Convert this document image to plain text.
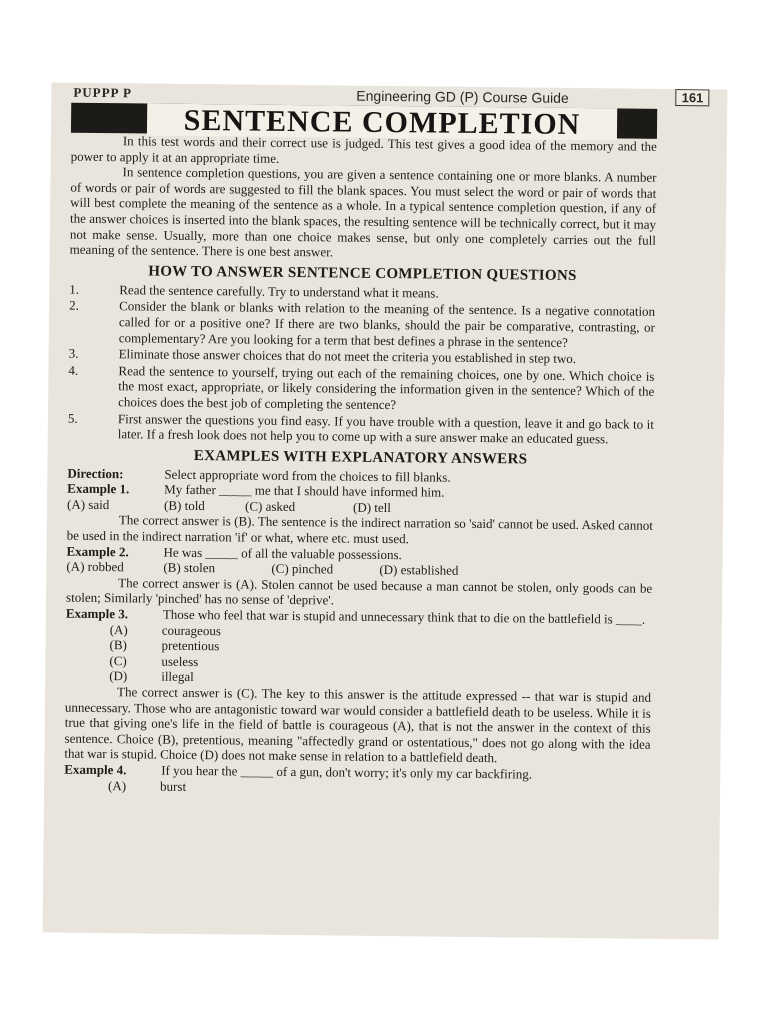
PUPPP P	Engineering GD (P) Course Guide	161
SENTENCE COMPLETION

In this test words and their correct use is judged. This test gives a good idea of the memory and the power to apply it at an appropriate time.

In sentence completion questions, you are given a sentence containing one or more blanks. A number of words or pair of words are suggested to fill the blank spaces. You must select the word or pair of words that will best complete the meaning of the sentence as a whole. In a typical sentence completion question, if any of the answer choices is inserted into the blank spaces, the resulting sentence will be technically correct, but it may not make sense. Usually, more than one choice makes sense, but only one completely carries out the full meaning of the sentence. There is one best answer.

HOW TO ANSWER SENTENCE COMPLETION QUESTIONS
1.	Read the sentence carefully. Try to understand what it means.
2.	Consider the blank or blanks with relation to the meaning of the sentence. Is a negative connotation called for or a positive one? If there are two blanks, should the pair be comparative, contrasting, or complementary? Are you looking for a term that best defines a phrase in the sentence?
3.	Eliminate those answer choices that do not meet the criteria you established in step two.
4.	Read the sentence to yourself, trying out each of the remaining choices, one by one. Which choice is the most exact, appropriate, or likely considering the information given in the sentence? Which of the choices does the best job of completing the sentence?
5.	First answer the questions you find easy. If you have trouble with a question, leave it and go back to it later. If a fresh look does not help you to come up with a sure answer make an educated guess.
EXAMPLES WITH EXPLANATORY ANSWERS
Direction:	Select appropriate word from the choices to fill blanks.
Example 1.	My father _____ me that I should have informed him.
(A) said	(B) told	(C) asked	(D) tell

The correct answer is (B). The sentence is the indirect narration so 'said' cannot be used. Asked cannot be used in the indirect narration 'if' or what, where etc. must used.

Example 2.	He was _____ of all the valuable possessions.
(A) robbed	(B) stolen	(C) pinched	(D) established

The correct answer is (A). Stolen cannot be used because a man cannot be stolen, only goods can be stolen; Similarly 'pinched' has no sense of 'deprive'.

Example 3.	Those who feel that war is stupid and unnecessary think that to die on the battlefield is ____.
(A)	courageous
(B)	pretentious
(C)	useless
(D)	illegal

The correct answer is (C). The key to this answer is the attitude expressed -- that war is stupid and unnecessary. Those who are antagonistic toward war would consider a battlefield death to be useless. While it is true that giving one's life in the field of battle is courageous (A), that is not the answer in the context of this sentence. Choice (B), pretentious, meaning "affectedly grand or ostentatious," does not go along with the idea that war is stupid. Choice (D) does not make sense in relation to a battlefield death.

Example 4.	If you hear the _____ of a gun, don't worry; it's only my car backfiring.
(A)	burst
